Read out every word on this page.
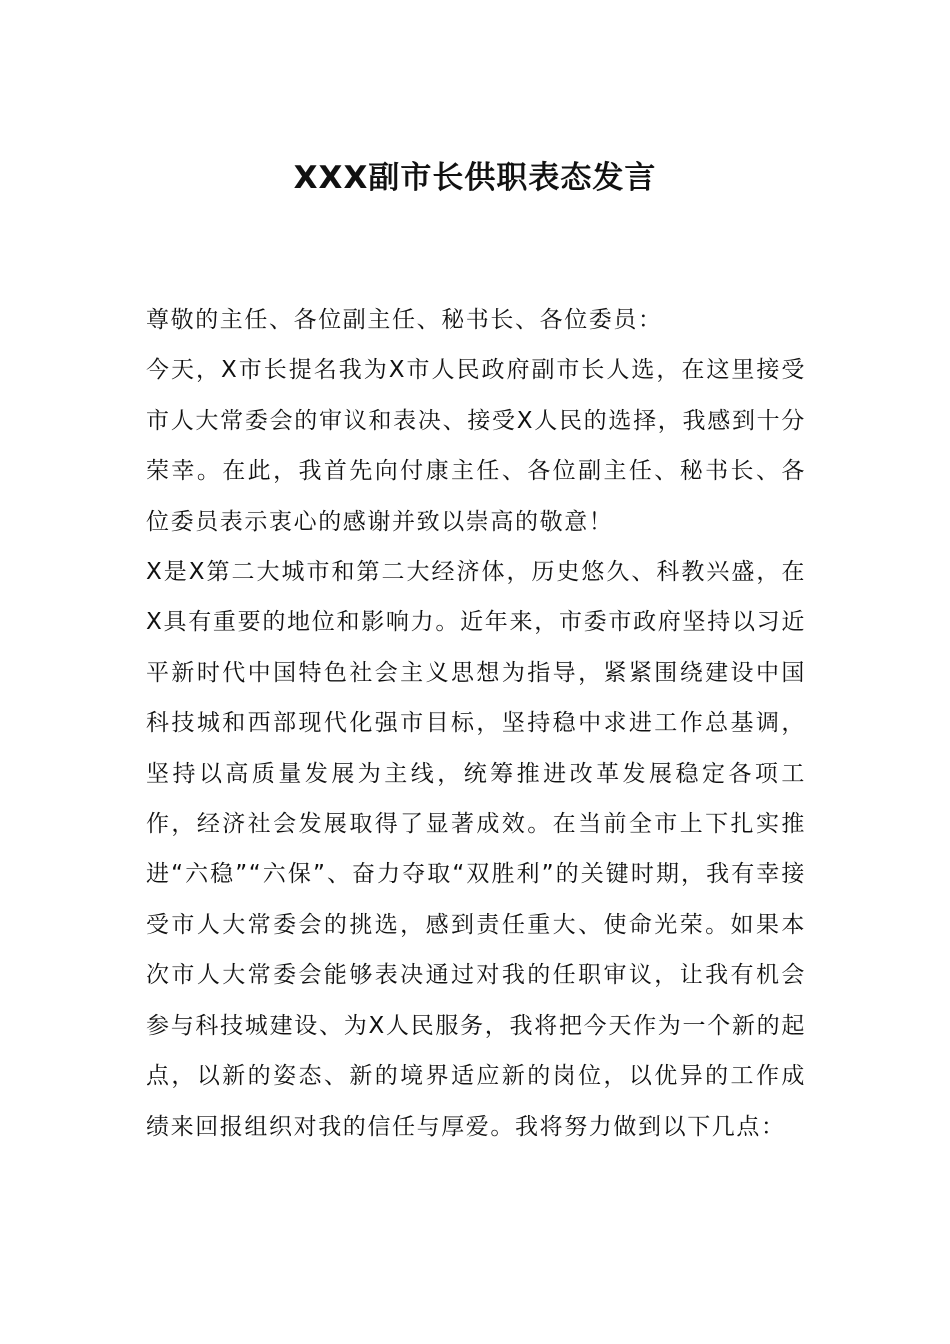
XXX副市长供职表态发言

尊敬的主任、各位副主任、秘书长、各位委员：

今天，X市长提名我为X市人民政府副市长人选，在这里接受市人大常委会的审议和表决、接受X人民的选择，我感到十分荣幸。在此，我首先向付康主任、各位副主任、秘书长、各位委员表示衷心的感谢并致以崇高的敬意！

X是X第二大城市和第二大经济体，历史悠久、科教兴盛，在X具有重要的地位和影响力。近年来，市委市政府坚持以习近平新时代中国特色社会主义思想为指导，紧紧围绕建设中国科技城和西部现代化强市目标，坚持稳中求进工作总基调，坚持以高质量发展为主线，统筹推进改革发展稳定各项工作，经济社会发展取得了显著成效。在当前全市上下扎实推进“六稳”“六保”、奋力夺取“双胜利”的关键时期，我有幸接受市人大常委会的挑选，感到责任重大、使命光荣。如果本次市人大常委会能够表决通过对我的任职审议，让我有机会参与科技城建设、为X人民服务，我将把今天作为一个新的起点，以新的姿态、新的境界适应新的岗位，以优异的工作成绩来回报组织对我的信任与厚爱。我将努力做到以下几点：
